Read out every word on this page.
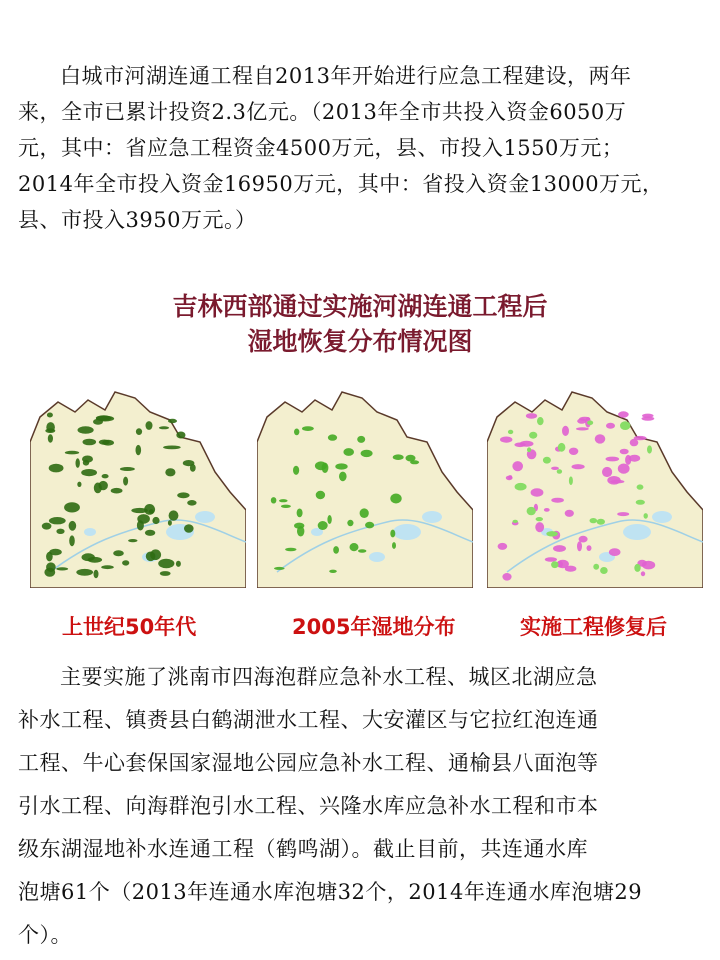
白城市河湖连通工程自2013年开始进行应急工程建设，两年
来，全市已累计投资2.3亿元。（2013年全市共投入资金6050万
元，其中：省应急工程资金4500万元，县、市投入1550万元；
2014年全市投入资金16950万元，其中：省投入资金13000万元，
县、市投入3950万元。）
吉林西部通过实施河湖连通工程后
湿地恢复分布情况图
上世纪50年代	2005年湿地分布	实施工程修复后
主要实施了洮南市四海泡群应急补水工程、城区北湖应急
补水工程、镇赉县白鹤湖泄水工程、大安灌区与它拉红泡连通
工程、牛心套保国家湿地公园应急补水工程、通榆县八面泡等
引水工程、向海群泡引水工程、兴隆水库应急补水工程和市本
级东湖湿地补水连通工程（鹤鸣湖）。截止目前，共连通水库
泡塘61个（2013年连通水库泡塘32个，2014年连通水库泡塘29
个）。
